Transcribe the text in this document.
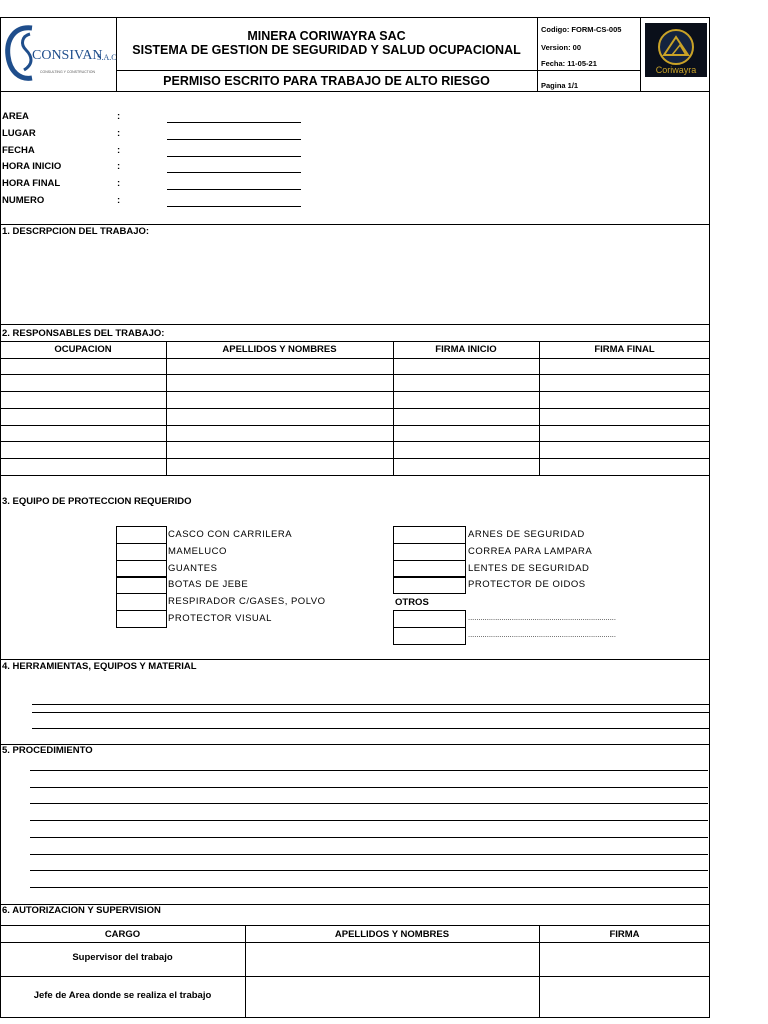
CONSIVAN
S.A.C
CONSULTING Y CONSTRUCTION
MINERA CORIWAYRA SAC
SISTEMA DE GESTION DE SEGURIDAD Y SALUD OCUPACIONAL
PERMISO ESCRITO PARA TRABAJO DE ALTO RIESGO
Codigo: FORM-CS-005
Version: 00
Fecha: 11-05-21
Pagina 1/1
Coriwayra
AREA	:
LUGAR	:
FECHA	:
HORA INICIO	:
HORA FINAL	:
NUMERO	:
1. DESCRPCION DEL TRABAJO:
2. RESPONSABLES DEL TRABAJO:
OCUPACION	APELLIDOS Y NOMBRES	FIRMA INICIO	FIRMA FINAL
3. EQUIPO DE PROTECCION REQUERIDO
CASCO CON CARRILERA
MAMELUCO
GUANTES
BOTAS DE JEBE
RESPIRADOR C/GASES, POLVO
PROTECTOR VISUAL
ARNES DE SEGURIDAD
CORREA PARA LAMPARA
LENTES DE SEGURIDAD
PROTECTOR DE OIDOS
OTROS
.......................................................................
.......................................................................
4. HERRAMIENTAS, EQUIPOS Y MATERIAL
5. PROCEDIMIENTO
6. AUTORIZACION Y SUPERVISION
CARGO	APELLIDOS Y NOMBRES	FIRMA
Supervisor del trabajo
Jefe de Area donde se realiza el trabajo
